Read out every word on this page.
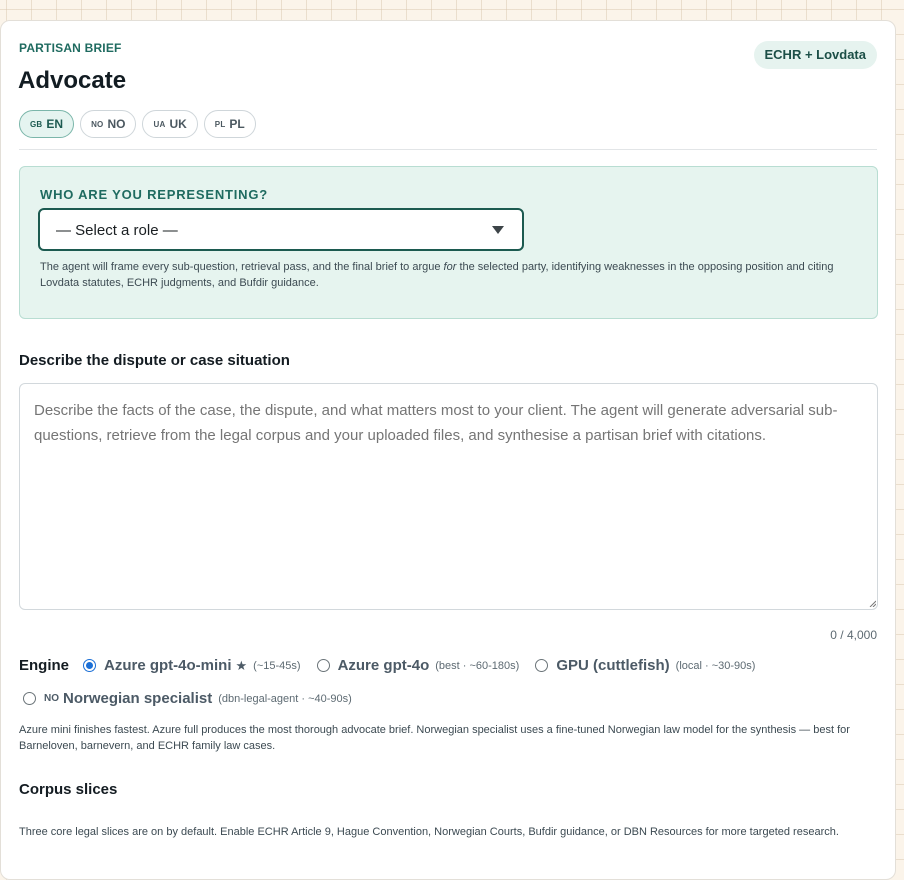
PARTISAN BRIEF
Advocate
ECHR + Lovdata
GB EN	NO NO	UA UK	PL PL
WHO ARE YOU REPRESENTING?
— Select a role —
The agent will frame every sub-question, retrieval pass, and the final brief to argue for the selected party, identifying weaknesses in the opposing position and citing Lovdata statutes, ECHR judgments, and Bufdir guidance.
Describe the dispute or case situation
Describe the facts of the case, the dispute, and what matters most to your client. The agent will generate adversarial sub-questions, retrieve from the legal corpus and your uploaded files, and synthesise a partisan brief with citations.
0 / 4,000
Engine Azure gpt-4o-mini ★ (~15-45s) Azure gpt-4o (best · ~60-180s) GPU (cuttlefish) (local · ~30-90s)
NO Norwegian specialist (dbn-legal-agent · ~40-90s)
Azure mini finishes fastest. Azure full produces the most thorough advocate brief. Norwegian specialist uses a fine-tuned Norwegian law model for the synthesis — best for Barneloven, barnevern, and ECHR family law cases.
Corpus slices
Three core legal slices are on by default. Enable ECHR Article 9, Hague Convention, Norwegian Courts, Bufdir guidance, or DBN Resources for more targeted research.
